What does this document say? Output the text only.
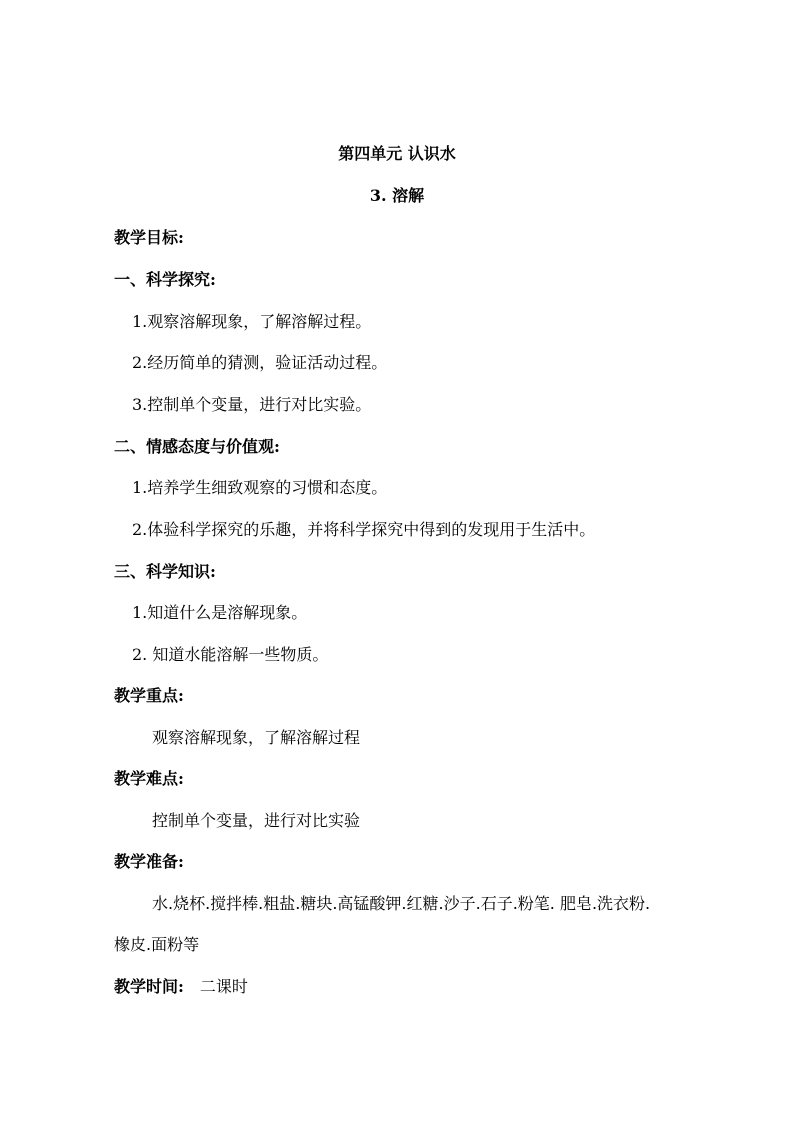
第四单元 认识水
3. 溶解
教学目标:
一、科学探究:
1.观察溶解现象，了解溶解过程。
2.经历简单的猜测，验证活动过程。
3.控制单个变量，进行对比实验。
二、情感态度与价值观:
1.培养学生细致观察的习惯和态度。
2.体验科学探究的乐趣，并将科学探究中得到的发现用于生活中。
三、科学知识:
1.知道什么是溶解现象。
2. 知道水能溶解一些物质。
教学重点:
观察溶解现象，了解溶解过程
教学难点:
控制单个变量，进行对比实验
教学准备:
水.烧杯.搅拌棒.粗盐.糖块.高锰酸钾.红糖.沙子.石子.粉笔. 肥皂.洗衣粉.
橡皮.面粉等
教学时间: 二课时
